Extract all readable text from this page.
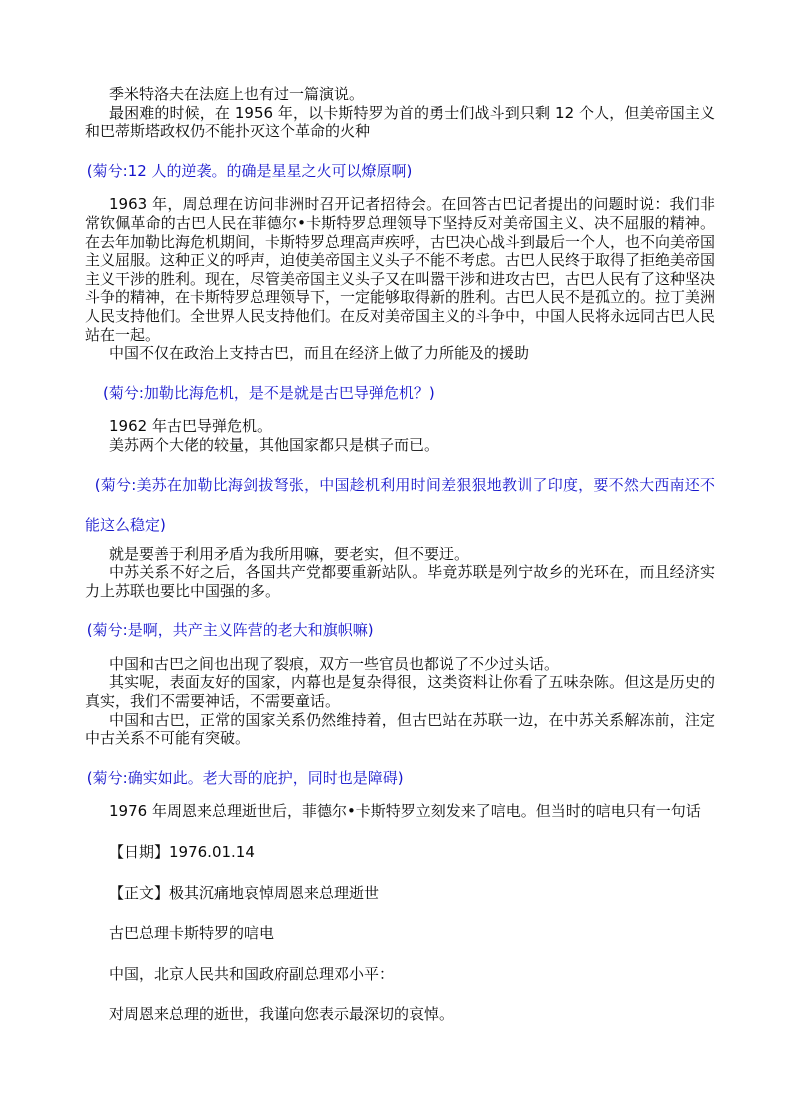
季米特洛夫在法庭上也有过一篇演说。

最困难的时候，在 1956 年，以卡斯特罗为首的勇士们战斗到只剩 12 个人，但美帝国主义和巴蒂斯塔政权仍不能扑灭这个革命的火种

(菊兮:12 人的逆袭。的确是星星之火可以燎原啊)

1963 年，周总理在访问非洲时召开记者招待会。在回答古巴记者提出的问题时说：我们非常钦佩革命的古巴人民在菲德尔•卡斯特罗总理领导下坚持反对美帝国主义、决不屈服的精神。在去年加勒比海危机期间，卡斯特罗总理高声疾呼，古巴决心战斗到最后一个人，也不向美帝国主义屈服。这种正义的呼声，迫使美帝国主义头子不能不考虑。古巴人民终于取得了拒绝美帝国主义干涉的胜利。现在，尽管美帝国主义头子又在叫嚣干涉和进攻古巴，古巴人民有了这种坚决斗争的精神，在卡斯特罗总理领导下，一定能够取得新的胜利。古巴人民不是孤立的。拉丁美洲人民支持他们。全世界人民支持他们。在反对美帝国主义的斗争中，中国人民将永远同古巴人民站在一起。

中国不仅在政治上支持古巴，而且在经济上做了力所能及的援助

(菊兮:加勒比海危机，是不是就是古巴导弹危机？)

1962 年古巴导弹危机。

美苏两个大佬的较量，其他国家都只是棋子而已。

(菊兮:美苏在加勒比海剑拔弩张，中国趁机利用时间差狠狠地教训了印度，要不然大西南还不能这么稳定)

就是要善于利用矛盾为我所用嘛，要老实，但不要迂。

中苏关系不好之后，各国共产党都要重新站队。毕竟苏联是列宁故乡的光环在，而且经济实力上苏联也要比中国强的多。

(菊兮:是啊，共产主义阵营的老大和旗帜嘛)

中国和古巴之间也出现了裂痕，双方一些官员也都说了不少过头话。

其实呢，表面友好的国家，内幕也是复杂得很，这类资料让你看了五味杂陈。但这是历史的真实，我们不需要神话，不需要童话。

中国和古巴，正常的国家关系仍然维持着，但古巴站在苏联一边，在中苏关系解冻前，注定中古关系不可能有突破。

(菊兮:确实如此。老大哥的庇护，同时也是障碍)

1976 年周恩来总理逝世后，菲德尔•卡斯特罗立刻发来了唁电。但当时的唁电只有一句话

【日期】1976.01.14

【正文】极其沉痛地哀悼周恩来总理逝世

古巴总理卡斯特罗的唁电

中国，北京人民共和国政府副总理邓小平：

对周恩来总理的逝世，我谨向您表示最深切的哀悼。
